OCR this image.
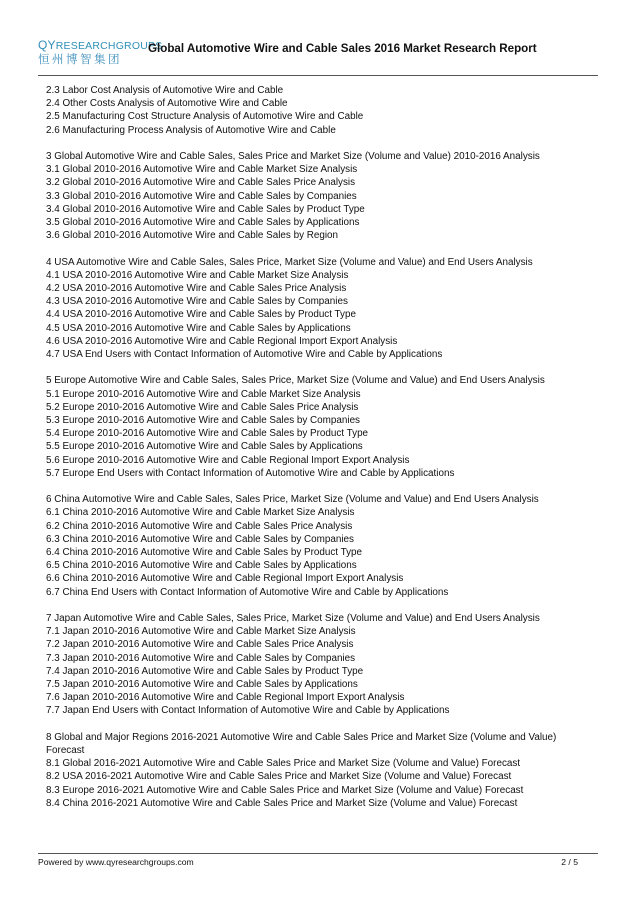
QYRESEARCHGROUPS
恒州博智集团
Global Automotive Wire and Cable Sales 2016 Market Research Report
2.3 Labor Cost Analysis of Automotive Wire and Cable
2.4 Other Costs Analysis of Automotive Wire and Cable
2.5 Manufacturing Cost Structure Analysis of Automotive Wire and Cable
2.6 Manufacturing Process Analysis of Automotive Wire and Cable
3 Global Automotive Wire and Cable Sales, Sales Price and Market Size (Volume and Value) 2010-2016 Analysis
3.1 Global 2010-2016 Automotive Wire and Cable Market Size Analysis
3.2 Global 2010-2016 Automotive Wire and Cable Sales Price Analysis
3.3 Global 2010-2016 Automotive Wire and Cable Sales by Companies
3.4 Global 2010-2016 Automotive Wire and Cable Sales by Product Type
3.5 Global 2010-2016 Automotive Wire and Cable Sales by Applications
3.6 Global 2010-2016 Automotive Wire and Cable Sales by Region
4 USA Automotive Wire and Cable Sales, Sales Price, Market Size (Volume and Value) and End Users Analysis
4.1 USA 2010-2016 Automotive Wire and Cable Market Size Analysis
4.2 USA 2010-2016 Automotive Wire and Cable Sales Price Analysis
4.3 USA 2010-2016 Automotive Wire and Cable Sales by Companies
4.4 USA 2010-2016 Automotive Wire and Cable Sales by Product Type
4.5 USA 2010-2016 Automotive Wire and Cable Sales by Applications
4.6 USA 2010-2016 Automotive Wire and Cable Regional Import Export Analysis
4.7 USA End Users with Contact Information of Automotive Wire and Cable by Applications
5 Europe Automotive Wire and Cable Sales, Sales Price, Market Size (Volume and Value) and End Users Analysis
5.1 Europe 2010-2016 Automotive Wire and Cable Market Size Analysis
5.2 Europe 2010-2016 Automotive Wire and Cable Sales Price Analysis
5.3 Europe 2010-2016 Automotive Wire and Cable Sales by Companies
5.4 Europe 2010-2016 Automotive Wire and Cable Sales by Product Type
5.5 Europe 2010-2016 Automotive Wire and Cable Sales by Applications
5.6 Europe 2010-2016 Automotive Wire and Cable Regional Import Export Analysis
5.7 Europe End Users with Contact Information of Automotive Wire and Cable by Applications
6 China Automotive Wire and Cable Sales, Sales Price, Market Size (Volume and Value) and End Users Analysis
6.1 China 2010-2016 Automotive Wire and Cable Market Size Analysis
6.2 China 2010-2016 Automotive Wire and Cable Sales Price Analysis
6.3 China 2010-2016 Automotive Wire and Cable Sales by Companies
6.4 China 2010-2016 Automotive Wire and Cable Sales by Product Type
6.5 China 2010-2016 Automotive Wire and Cable Sales by Applications
6.6 China 2010-2016 Automotive Wire and Cable Regional Import Export Analysis
6.7 China End Users with Contact Information of Automotive Wire and Cable by Applications
7 Japan Automotive Wire and Cable Sales, Sales Price, Market Size (Volume and Value) and End Users Analysis
7.1 Japan 2010-2016 Automotive Wire and Cable Market Size Analysis
7.2 Japan 2010-2016 Automotive Wire and Cable Sales Price Analysis
7.3 Japan 2010-2016 Automotive Wire and Cable Sales by Companies
7.4 Japan 2010-2016 Automotive Wire and Cable Sales by Product Type
7.5 Japan 2010-2016 Automotive Wire and Cable Sales by Applications
7.6 Japan 2010-2016 Automotive Wire and Cable Regional Import Export Analysis
7.7 Japan End Users with Contact Information of Automotive Wire and Cable by Applications
8 Global and Major Regions 2016-2021 Automotive Wire and Cable Sales Price and Market Size (Volume and Value) Forecast
8.1 Global 2016-2021 Automotive Wire and Cable Sales Price and Market Size (Volume and Value) Forecast
8.2 USA 2016-2021 Automotive Wire and Cable Sales Price and Market Size (Volume and Value) Forecast
8.3 Europe 2016-2021 Automotive Wire and Cable Sales Price and Market Size (Volume and Value) Forecast
8.4 China 2016-2021 Automotive Wire and Cable Sales Price and Market Size (Volume and Value) Forecast
Powered by www.qyresearchgroups.com	2 / 5
